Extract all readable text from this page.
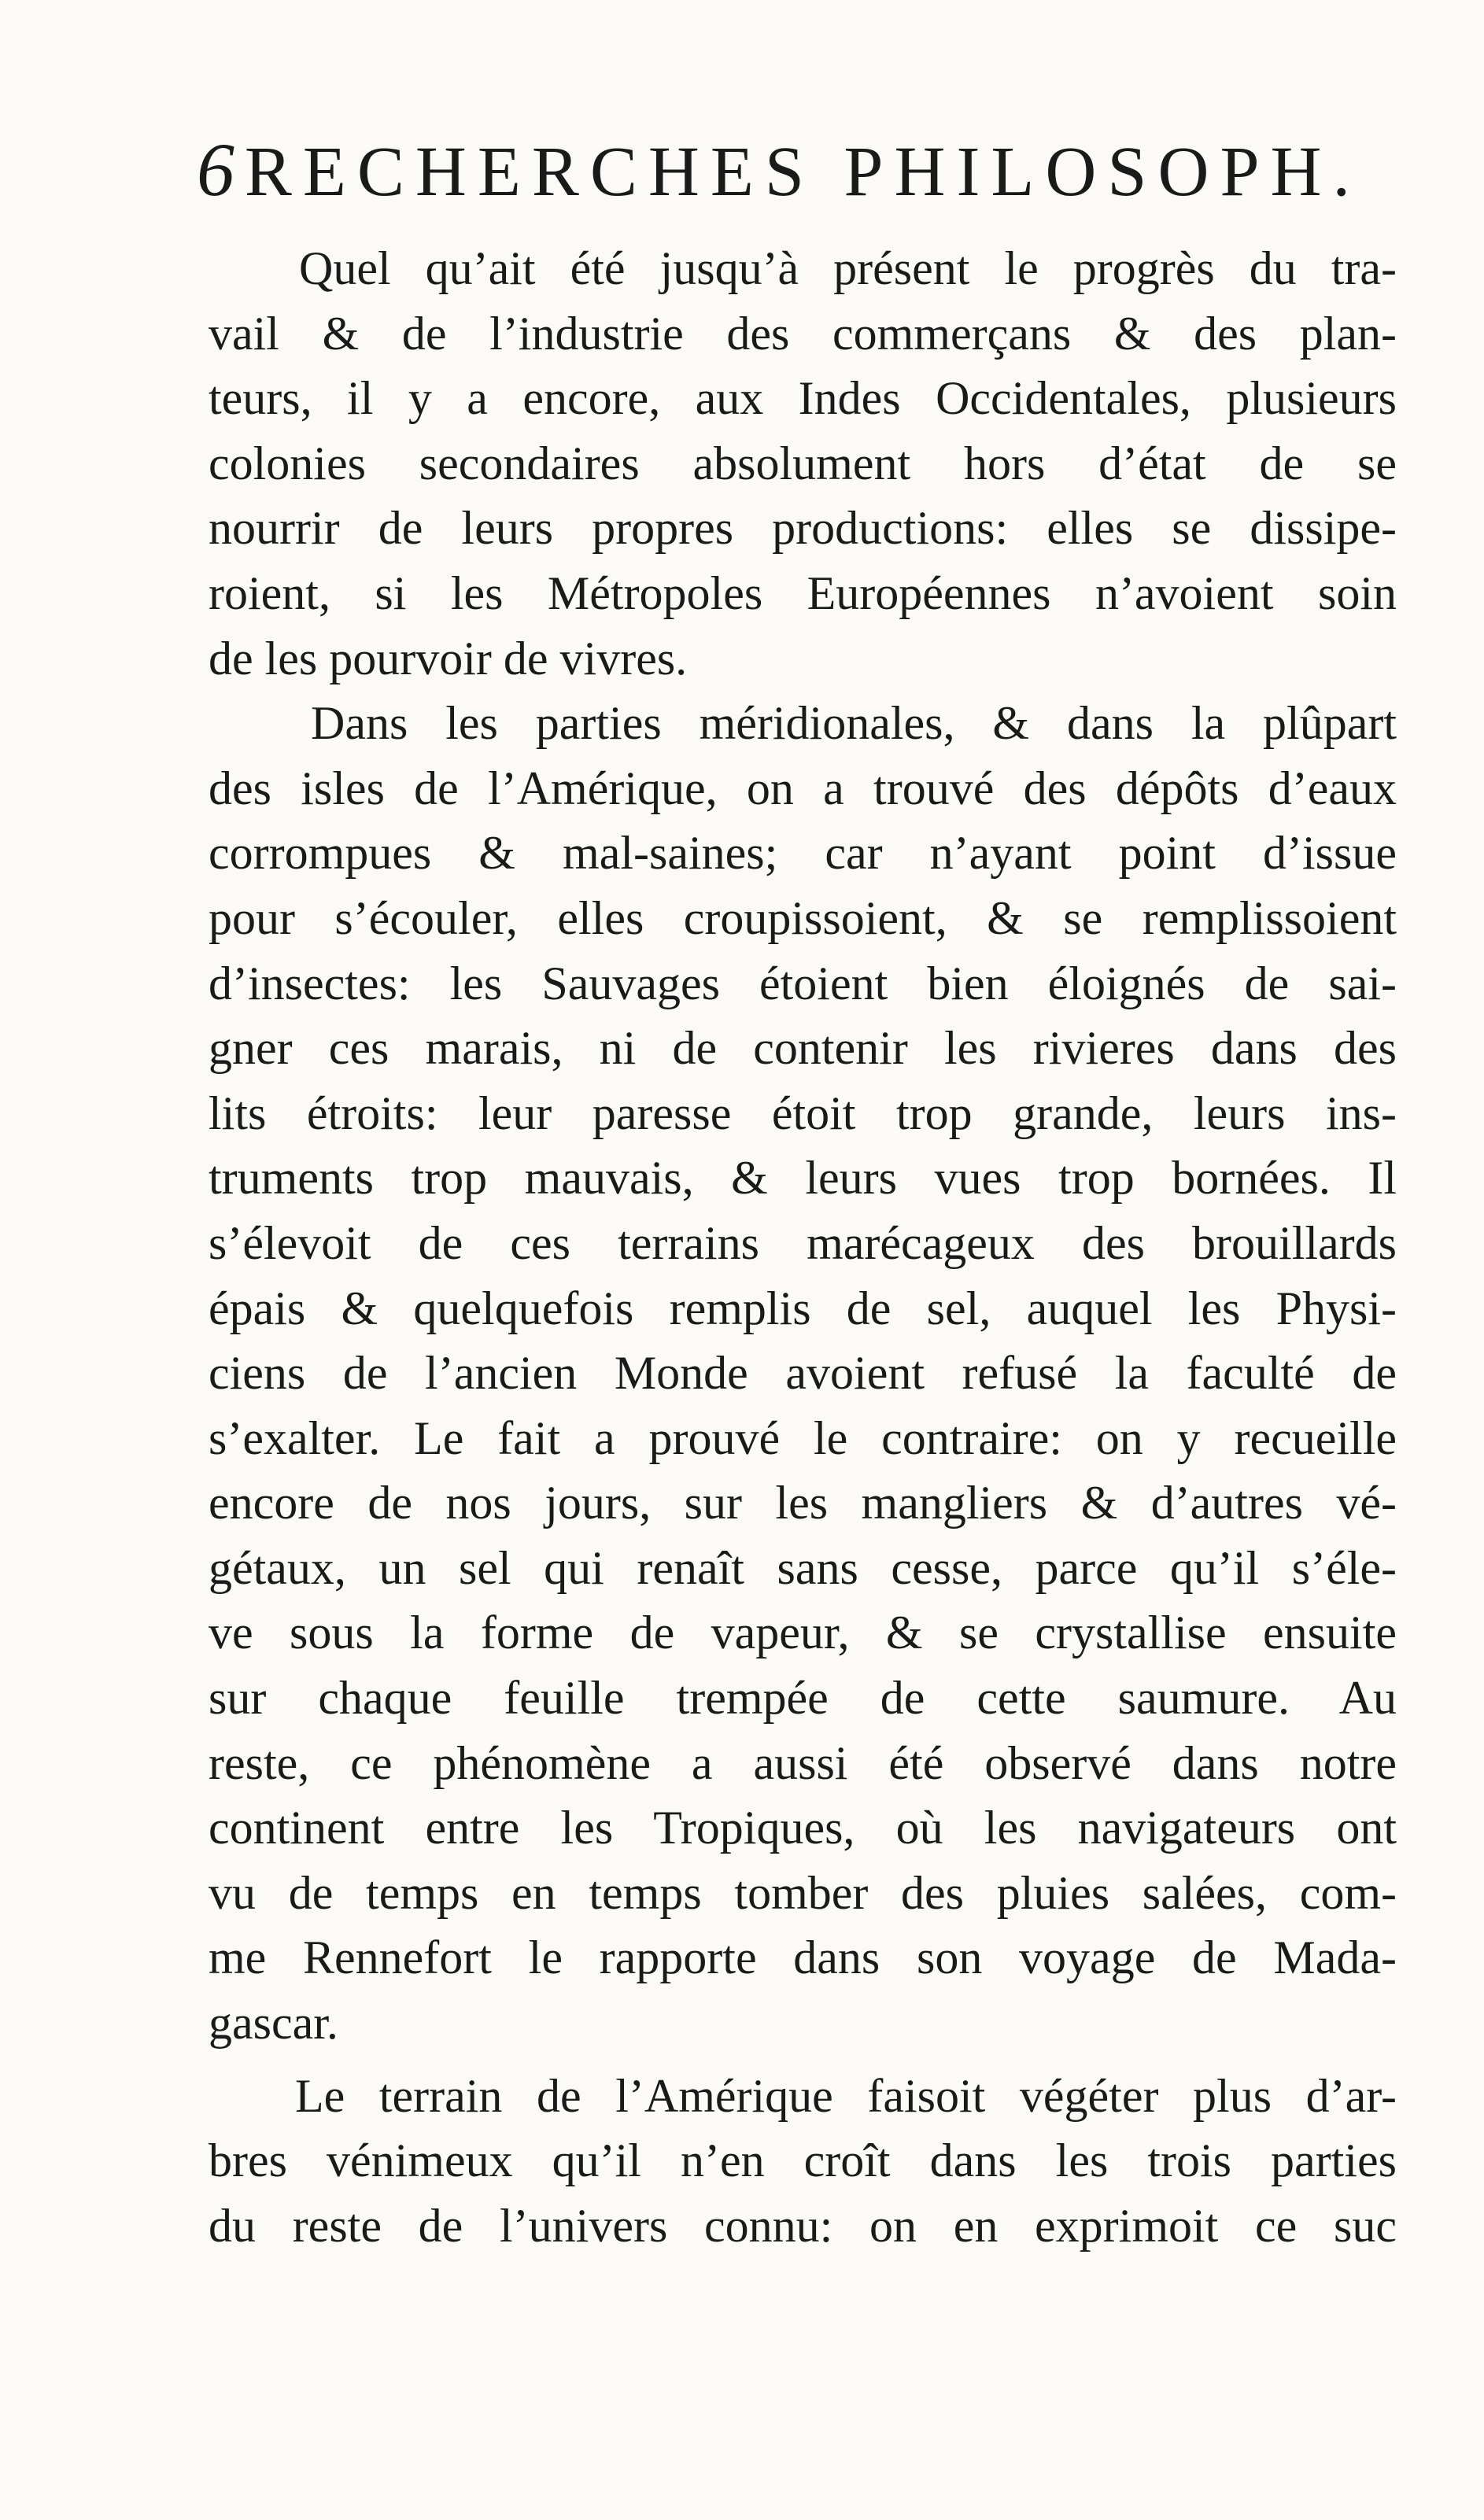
6 RECHERCHES PHILOSOPH.
Quel qu’ait été jusqu’à présent le progrès du tra-
vail & de l’industrie des commerçans & des plan-
teurs, il y a encore, aux Indes Occidentales, plusieurs
colonies secondaires absolument hors d’état de se
nourrir de leurs propres productions: elles se dissipe-
roient, si les Métropoles Européennes n’avoient soin
de les pourvoir de vivres.
Dans les parties méridionales, & dans la plûpart
des isles de l’Amérique, on a trouvé des dépôts d’eaux
corrompues & mal-saines; car n’ayant point d’issue
pour s’écouler, elles croupissoient, & se remplissoient
d’insectes: les Sauvages étoient bien éloignés de sai-
gner ces marais, ni de contenir les rivieres dans des
lits étroits: leur paresse étoit trop grande, leurs ins-
truments trop mauvais, & leurs vues trop bornées. Il
s’élevoit de ces terrains marécageux des brouillards
épais & quelquefois remplis de sel, auquel les Physi-
ciens de l’ancien Monde avoient refusé la faculté de
s’exalter. Le fait a prouvé le contraire: on y recueille
encore de nos jours, sur les mangliers & d’autres vé-
gétaux, un sel qui renaît sans cesse, parce qu’il s’éle-
ve sous la forme de vapeur, & se crystallise ensuite
sur chaque feuille trempée de cette saumure. Au
reste, ce phénomène a aussi été observé dans notre
continent entre les Tropiques, où les navigateurs ont
vu de temps en temps tomber des pluies salées, com-
me Rennefort le rapporte dans son voyage de Mada-
gascar.
Le terrain de l’Amérique faisoit végéter plus d’ar-
bres vénimeux qu’il n’en croît dans les trois parties
du reste de l’univers connu: on en exprimoit ce suc
